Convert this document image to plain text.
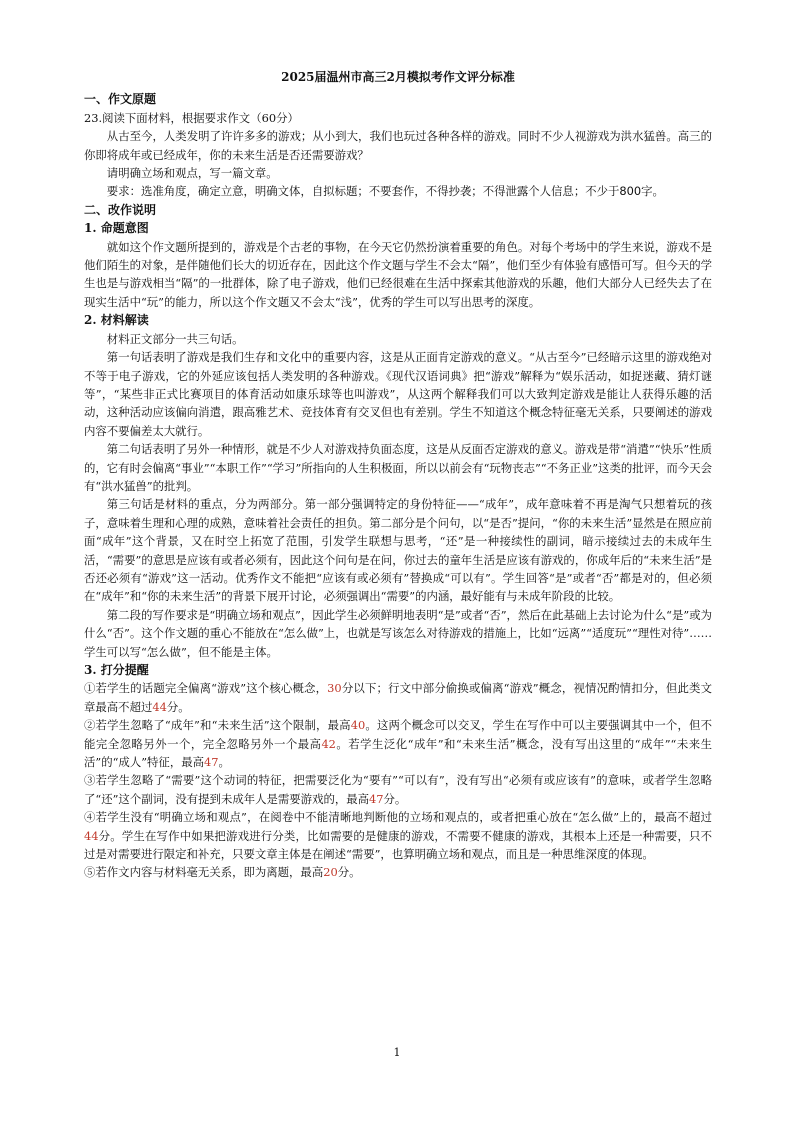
2025届温州市高三2月模拟考作文评分标准
一、作文原题

23.阅读下面材料，根据要求作文（60分）

从古至今，人类发明了许许多多的游戏；从小到大，我们也玩过各种各样的游戏。同时不少人视游戏为洪水猛兽。高三的你即将成年或已经成年，你的未来生活是否还需要游戏？

请明确立场和观点，写一篇文章。

要求：选准角度，确定立意，明确文体，自拟标题；不要套作，不得抄袭；不得泄露个人信息；不少于800字。

二、改作说明
1. 命题意图

就如这个作文题所提到的，游戏是个古老的事物，在今天它仍然扮演着重要的角色。对每个考场中的学生来说，游戏不是他们陌生的对象，是伴随他们长大的切近存在，因此这个作文题与学生不会太“隔”，他们至少有体验有感悟可写。但今天的学生也是与游戏相当“隔”的一批群体，除了电子游戏，他们已经很难在生活中探索其他游戏的乐趣，他们大部分人已经失去了在现实生活中“玩”的能力，所以这个作文题又不会太“浅”，优秀的学生可以写出思考的深度。

2. 材料解读

材料正文部分一共三句话。

第一句话表明了游戏是我们生存和文化中的重要内容，这是从正面肯定游戏的意义。“从古至今”已经暗示这里的游戏绝对不等于电子游戏，它的外延应该包括人类发明的各种游戏。《现代汉语词典》把“游戏”解释为“娱乐活动，如捉迷藏、猜灯谜等”，“某些非正式比赛项目的体育活动如康乐球等也叫游戏”，从这两个解释我们可以大致判定游戏是能让人获得乐趣的活动，这种活动应该偏向消遣，跟高雅艺术、竞技体育有交叉但也有差别。学生不知道这个概念特征毫无关系，只要阐述的游戏内容不要偏差太大就行。

第二句话表明了另外一种情形，就是不少人对游戏持负面态度，这是从反面否定游戏的意义。游戏是带“消遣”“快乐”性质的，它有时会偏离“事业”“本职工作”“学习”所指向的人生积极面，所以以前会有“玩物丧志”“不务正业”这类的批评，而今天会有“洪水猛兽”的批判。

第三句话是材料的重点，分为两部分。第一部分强调特定的身份特征——“成年”，成年意味着不再是淘气只想着玩的孩子，意味着生理和心理的成熟，意味着社会责任的担负。第二部分是个问句，以“是否”提问，“你的未来生活”显然是在照应前面“成年”这个背景，又在时空上拓宽了范围，引发学生联想与思考，“还”是一种接续性的副词，暗示接续过去的未成年生活，“需要”的意思是应该有或者必须有，因此这个问句是在问，你过去的童年生活是应该有游戏的，你成年后的“未来生活”是否还必须有“游戏”这一活动。优秀作文不能把“应该有或必须有”替换成“可以有”。学生回答“是”或者“否”都是对的，但必须在“成年”和“你的未来生活”的背景下展开讨论，必须强调出“需要”的内涵，最好能有与未成年阶段的比较。

第二段的写作要求是“明确立场和观点”，因此学生必须鲜明地表明“是”或者“否”，然后在此基础上去讨论为什么“是”或为什么“否”。这个作文题的重心不能放在“怎么做”上，也就是写该怎么对待游戏的措施上，比如“远离”“适度玩”“理性对待”……学生可以写“怎么做”，但不能是主体。

3. 打分提醒

①若学生的话题完全偏离“游戏”这个核心概念，30分以下；行文中部分偷换或偏离“游戏”概念，视情况酌情扣分，但此类文章最高不超过44分。

②若学生忽略了“成年”和“未来生活”这个限制，最高40。这两个概念可以交叉，学生在写作中可以主要强调其中一个，但不能完全忽略另外一个，完全忽略另外一个最高42。若学生泛化“成年”和“未来生活”概念，没有写出这里的“成年”“未来生活”的“成人”特征，最高47。

③若学生忽略了“需要”这个动词的特征，把需要泛化为“要有”“可以有”，没有写出“必须有或应该有”的意味，或者学生忽略了“还”这个副词，没有提到未成年人是需要游戏的，最高47分。

④若学生没有“明确立场和观点”，在阅卷中不能清晰地判断他的立场和观点的，或者把重心放在“怎么做”上的，最高不超过44分。学生在写作中如果把游戏进行分类，比如需要的是健康的游戏，不需要不健康的游戏，其根本上还是一种需要，只不过是对需要进行限定和补充，只要文章主体是在阐述“需要”，也算明确立场和观点，而且是一种思维深度的体现。

⑤若作文内容与材料毫无关系，即为离题，最高20分。

1
